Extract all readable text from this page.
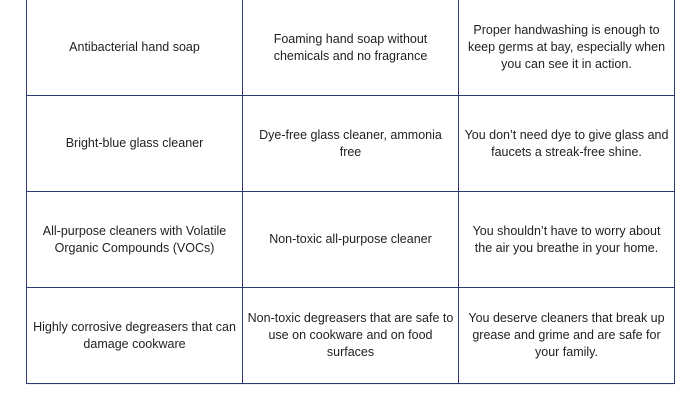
Antibacterial hand soap	Foaming hand soap without chemicals and no fragrance	Proper handwashing is enough to keep germs at bay, especially when you can see it in action.
Bright-blue glass cleaner	Dye-free glass cleaner, ammonia free	You don’t need dye to give glass and faucets a streak-free shine.
All-purpose cleaners with Volatile Organic Compounds (VOCs)	Non-toxic all-purpose cleaner	You shouldn’t have to worry about the air you breathe in your home.
Highly corrosive degreasers that can damage cookware	Non-toxic degreasers that are safe to use on cookware and on food surfaces	You deserve cleaners that break up grease and grime and are safe for your family.
